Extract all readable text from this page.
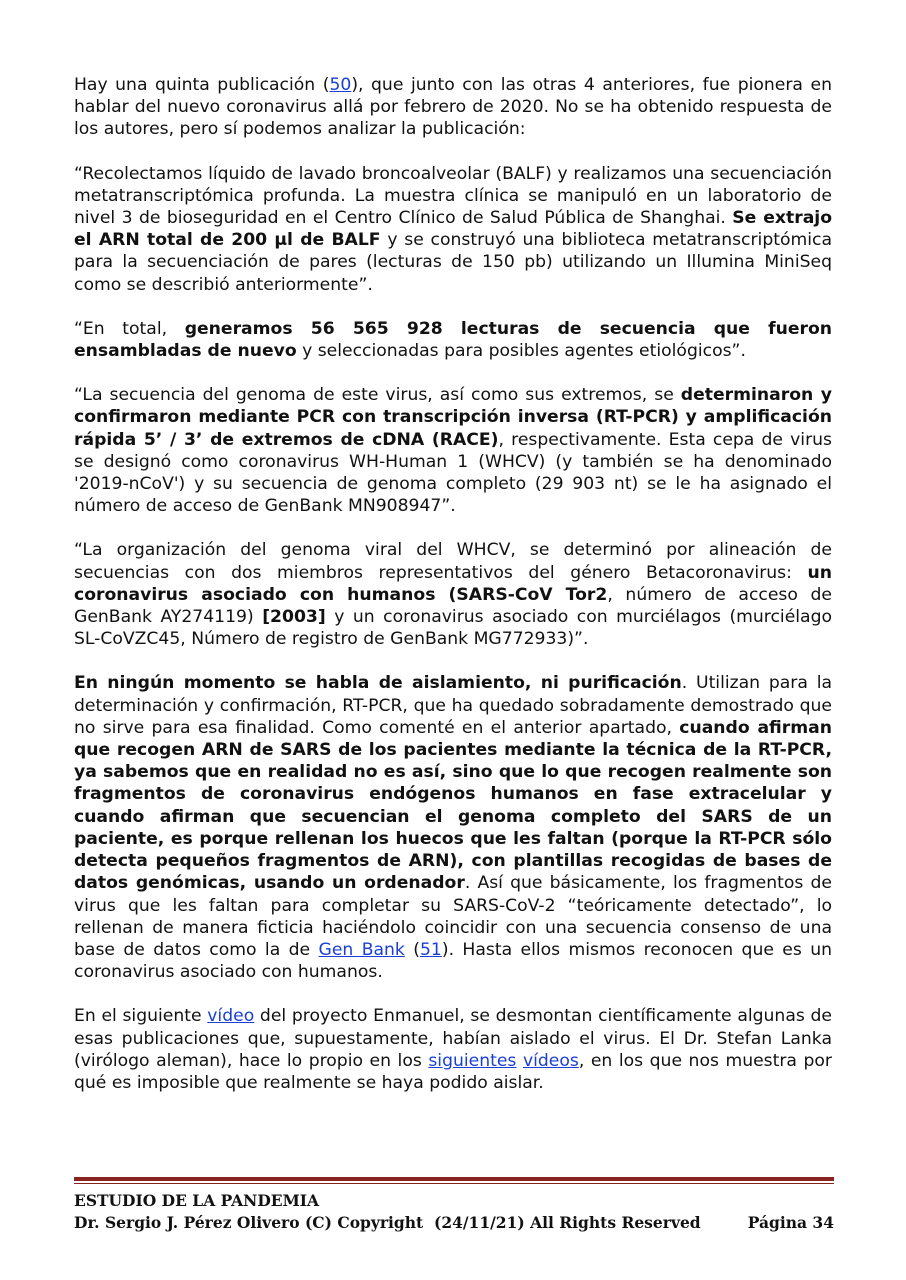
Hay una quinta publicación (50), que junto con las otras 4 anteriores, fue pionera en hablar del nuevo coronavirus allá por febrero de 2020. No se ha obtenido respuesta de los autores, pero sí podemos analizar la publicación:

“Recolectamos líquido de lavado broncoalveolar (BALF) y realizamos una secuenciación metatranscriptómica profunda. La muestra clínica se manipuló en un laboratorio de nivel 3 de bioseguridad en el Centro Clínico de Salud Pública de Shanghai. Se extrajo el ARN total de 200 µl de BALF y se construyó una biblioteca metatranscriptómica para la secuenciación de pares (lecturas de 150 pb) utilizando un Illumina MiniSeq como se describió anteriormente”.

“En total, generamos 56 565 928 lecturas de secuencia que fueron ensambladas de nuevo y seleccionadas para posibles agentes etiológicos”.

“La secuencia del genoma de este virus, así como sus extremos, se determinaron y confirmaron mediante PCR con transcripción inversa (RT-PCR) y amplificación rápida 5’ / 3’ de extremos de cDNA (RACE), respectivamente. Esta cepa de virus se designó como coronavirus WH-Human 1 (WHCV) (y también se ha denominado '2019-nCoV') y su secuencia de genoma completo (29 903 nt) se le ha asignado el número de acceso de GenBank MN908947”.

“La organización del genoma viral del WHCV, se determinó por alineación de secuencias con dos miembros representativos del género Betacoronavirus: un coronavirus asociado con humanos (SARS-CoV Tor2, número de acceso de GenBank AY274119) [2003] y un coronavirus asociado con murciélagos (murciélago SL-CoVZC45, Número de registro de GenBank MG772933)”.

En ningún momento se habla de aislamiento, ni purificación. Utilizan para la determinación y confirmación, RT-PCR, que ha quedado sobradamente demostrado que no sirve para esa finalidad. Como comenté en el anterior apartado, cuando afirman que recogen ARN de SARS de los pacientes mediante la técnica de la RT-PCR, ya sabemos que en realidad no es así, sino que lo que recogen realmente son fragmentos de coronavirus endógenos humanos en fase extracelular y cuando afirman que secuencian el genoma completo del SARS de un paciente, es porque rellenan los huecos que les faltan (porque la RT-PCR sólo detecta pequeños fragmentos de ARN), con plantillas recogidas de bases de datos genómicas, usando un ordenador. Así que básicamente, los fragmentos de virus que les faltan para completar su SARS-CoV-2 “teóricamente detectado”, lo rellenan de manera ficticia haciéndolo coincidir con una secuencia consenso de una base de datos como la de Gen Bank (51). Hasta ellos mismos reconocen que es un coronavirus asociado con humanos.

En el siguiente vídeo del proyecto Enmanuel, se desmontan científicamente algunas de esas publicaciones que, supuestamente, habían aislado el virus. El Dr. Stefan Lanka (virólogo aleman), hace lo propio en los siguientes vídeos, en los que nos muestra por qué es imposible que realmente se haya podido aislar.

ESTUDIO DE LA PANDEMIA
Dr. Sergio J. Pérez Olivero (C) Copyright  (24/11/21) All Rights Reserved	Página 34
